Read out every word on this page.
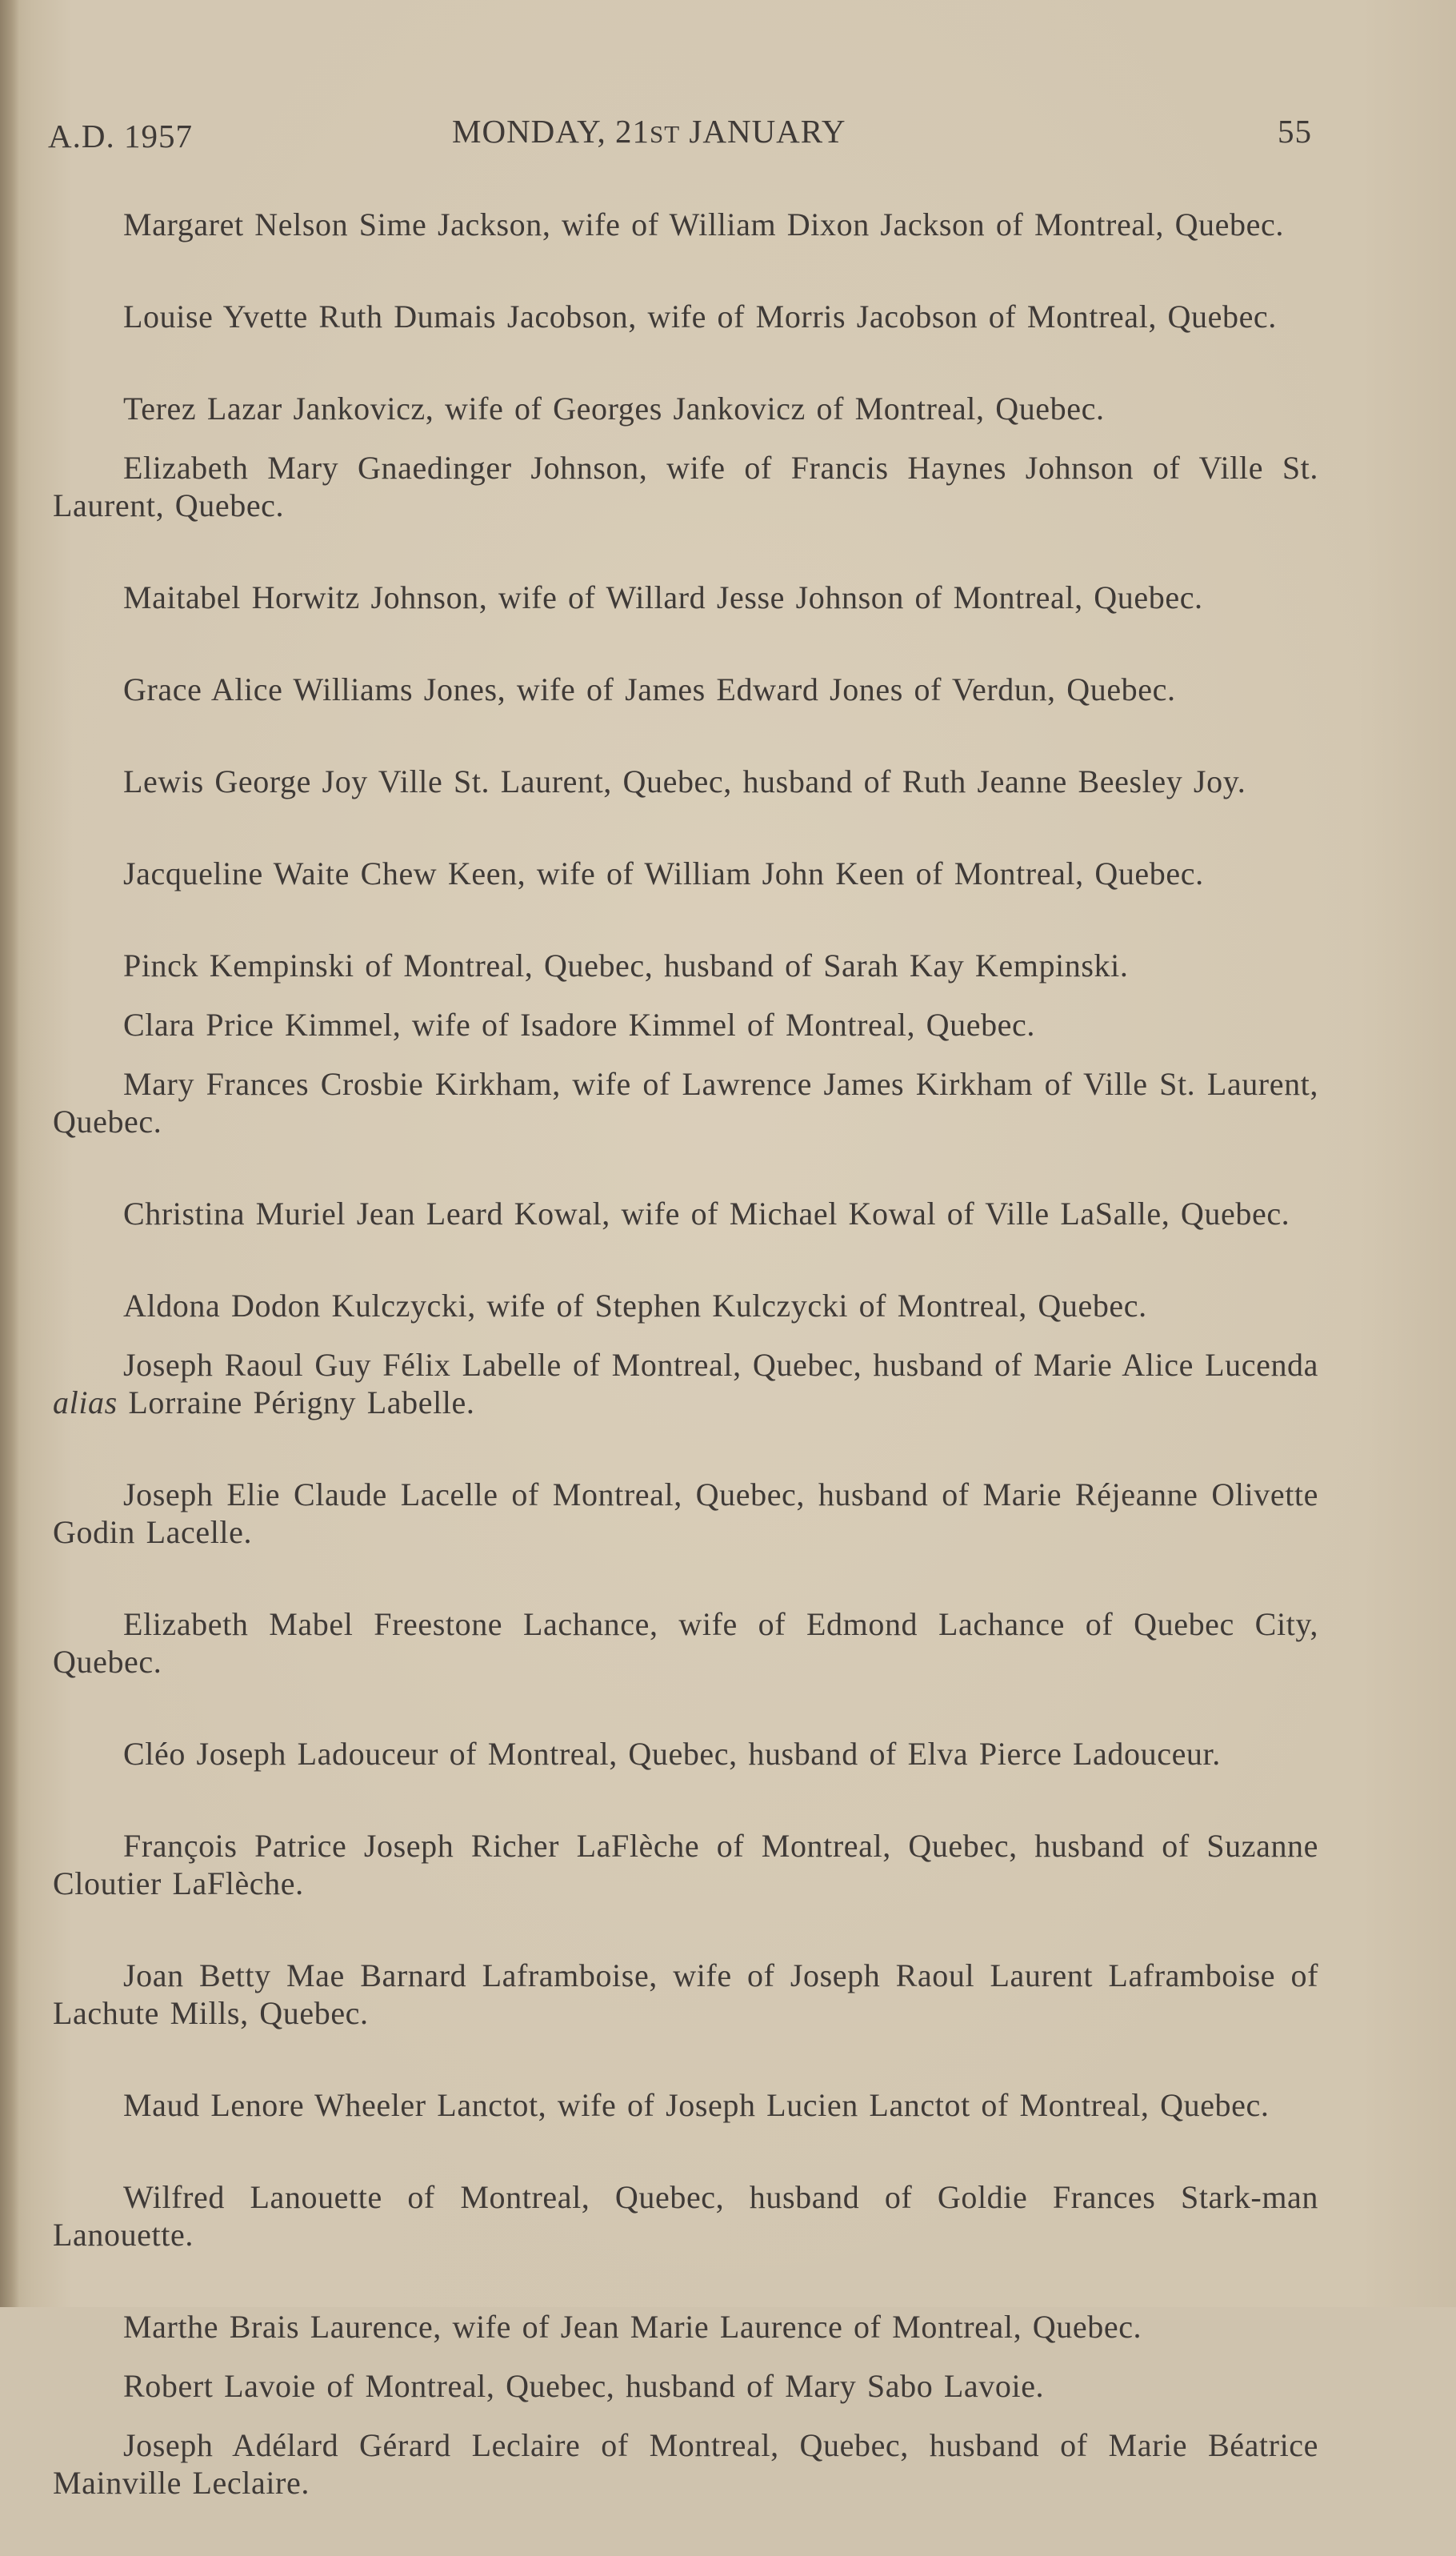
A.D. 1957	MONDAY, 21ST JANUARY	55

Margaret Nelson Sime Jackson, wife of William Dixon Jackson of Montreal, Quebec.

Louise Yvette Ruth Dumais Jacobson, wife of Morris Jacobson of Montreal, Quebec.

Terez Lazar Jankovicz, wife of Georges Jankovicz of Montreal, Quebec.

Elizabeth Mary Gnaedinger Johnson, wife of Francis Haynes Johnson of Ville St. Laurent, Quebec.

Maitabel Horwitz Johnson, wife of Willard Jesse Johnson of Montreal, Quebec.

Grace Alice Williams Jones, wife of James Edward Jones of Verdun, Quebec.

Lewis George Joy Ville St. Laurent, Quebec, husband of Ruth Jeanne Beesley Joy.

Jacqueline Waite Chew Keen, wife of William John Keen of Montreal, Quebec.

Pinck Kempinski of Montreal, Quebec, husband of Sarah Kay Kempinski.

Clara Price Kimmel, wife of Isadore Kimmel of Montreal, Quebec.

Mary Frances Crosbie Kirkham, wife of Lawrence James Kirkham of Ville St. Laurent, Quebec.

Christina Muriel Jean Leard Kowal, wife of Michael Kowal of Ville LaSalle, Quebec.

Aldona Dodon Kulczycki, wife of Stephen Kulczycki of Montreal, Quebec.

Joseph Raoul Guy Félix Labelle of Montreal, Quebec, husband of Marie Alice Lucenda alias Lorraine Périgny Labelle.

Joseph Elie Claude Lacelle of Montreal, Quebec, husband of Marie Réjeanne Olivette Godin Lacelle.

Elizabeth Mabel Freestone Lachance, wife of Edmond Lachance of Quebec City, Quebec.

Cléo Joseph Ladouceur of Montreal, Quebec, husband of Elva Pierce Ladouceur.

François Patrice Joseph Richer LaFlèche of Montreal, Quebec, husband of Suzanne Cloutier LaFlèche.

Joan Betty Mae Barnard Laframboise, wife of Joseph Raoul Laurent Laframboise of Lachute Mills, Quebec.

Maud Lenore Wheeler Lanctot, wife of Joseph Lucien Lanctot of Montreal, Quebec.

Wilfred Lanouette of Montreal, Quebec, husband of Goldie Frances Stark-man Lanouette.

Marthe Brais Laurence, wife of Jean Marie Laurence of Montreal, Quebec.

Robert Lavoie of Montreal, Quebec, husband of Mary Sabo Lavoie.

Joseph Adélard Gérard Leclaire of Montreal, Quebec, husband of Marie Béatrice Mainville Leclaire.
